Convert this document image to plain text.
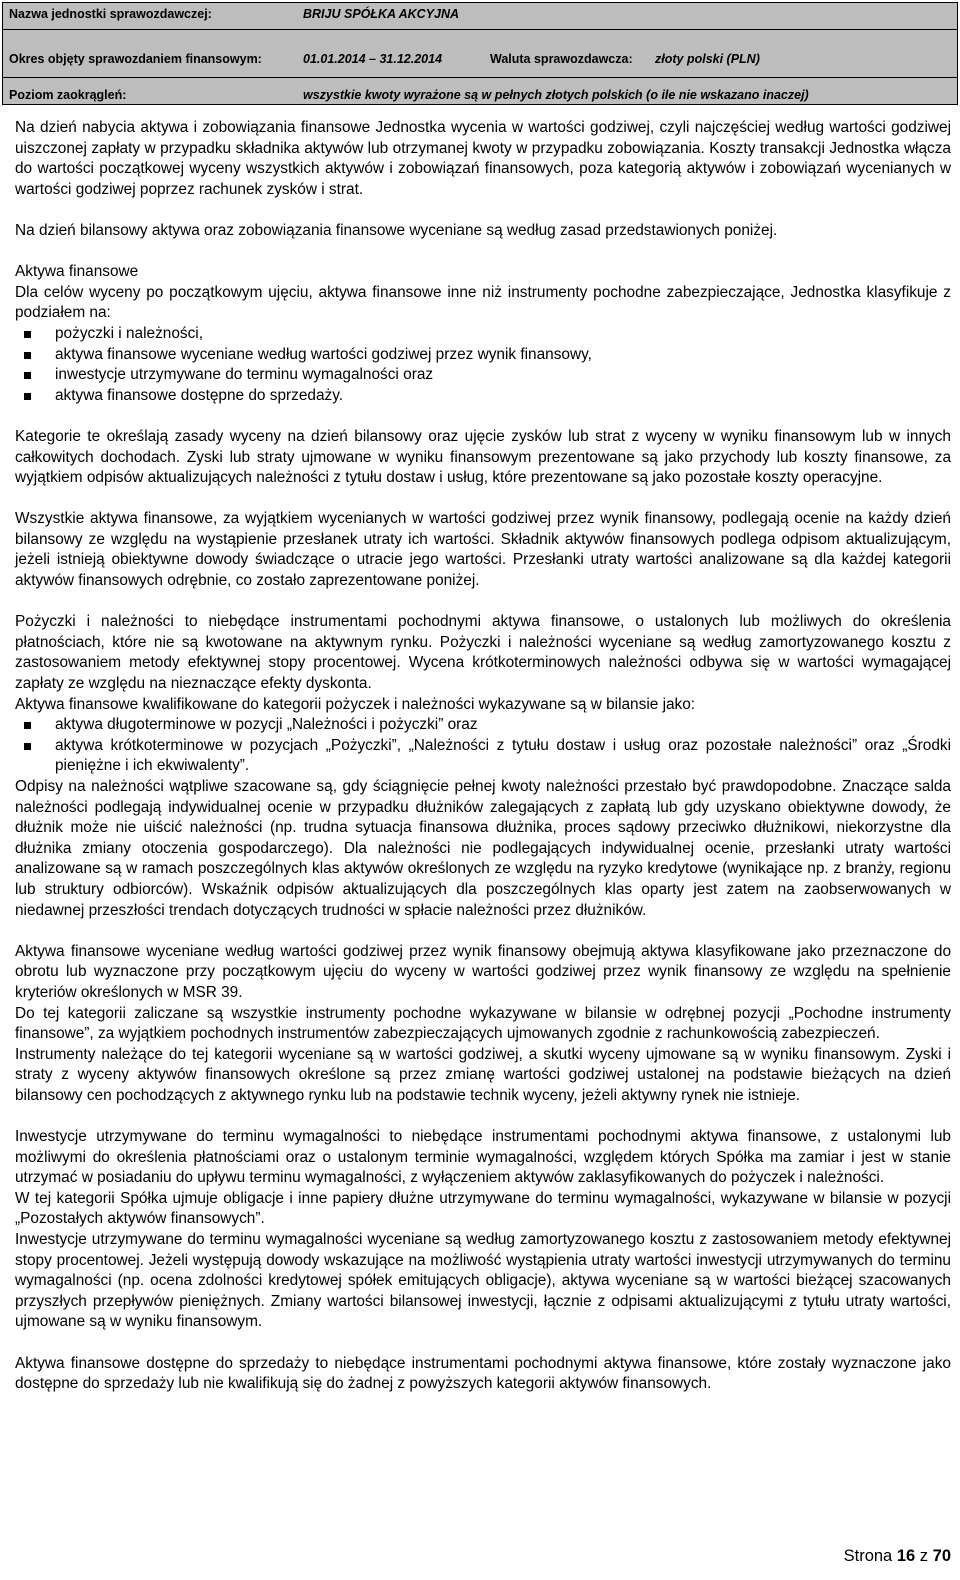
Nazwa jednostki sprawozdawczej:	BRIJU SPÓŁKA AKCYJNA
Okres objęty sprawozdaniem finansowym:	01.01.2014 – 31.12.2014	Waluta sprawozdawcza:	złoty polski (PLN)
Poziom zaokrągleń:	wszystkie kwoty wyrażone są w pełnych złotych polskich (o ile nie wskazano inaczej)

Na dzień nabycia aktywa i zobowiązania finansowe Jednostka wycenia w wartości godziwej, czyli najczęściej według wartości godziwej uiszczonej zapłaty w przypadku składnika aktywów lub otrzymanej kwoty w przypadku zobowiązania. Koszty transakcji Jednostka włącza do wartości początkowej wyceny wszystkich aktywów i zobowiązań finansowych, poza kategorią aktywów i zobowiązań wycenianych w wartości godziwej poprzez rachunek zysków i strat.

Na dzień bilansowy aktywa oraz zobowiązania finansowe wyceniane są według zasad przedstawionych poniżej.

Aktywa finansowe

Dla celów wyceny po początkowym ujęciu, aktywa finansowe inne niż instrumenty pochodne zabezpieczające, Jednostka klasyfikuje z podziałem na:

pożyczki i należności,
aktywa finansowe wyceniane według wartości godziwej przez wynik finansowy,
inwestycje utrzymywane do terminu wymagalności oraz
aktywa finansowe dostępne do sprzedaży.

Kategorie te określają zasady wyceny na dzień bilansowy oraz ujęcie zysków lub strat z wyceny w wyniku finansowym lub w innych całkowitych dochodach. Zyski lub straty ujmowane w wyniku finansowym prezentowane są jako przychody lub koszty finansowe, za wyjątkiem odpisów aktualizujących należności z tytułu dostaw i usług, które prezentowane są jako pozostałe koszty operacyjne.

Wszystkie aktywa finansowe, za wyjątkiem wycenianych w wartości godziwej przez wynik finansowy, podlegają ocenie na każdy dzień bilansowy ze względu na wystąpienie przesłanek utraty ich wartości. Składnik aktywów finansowych podlega odpisom aktualizującym, jeżeli istnieją obiektywne dowody świadczące o utracie jego wartości. Przesłanki utraty wartości analizowane są dla każdej kategorii aktywów finansowych odrębnie, co zostało zaprezentowane poniżej.

Pożyczki i należności to niebędące instrumentami pochodnymi aktywa finansowe, o ustalonych lub możliwych do określenia płatnościach, które nie są kwotowane na aktywnym rynku. Pożyczki i należności wyceniane są według zamortyzowanego kosztu z zastosowaniem metody efektywnej stopy procentowej. Wycena krótkoterminowych należności odbywa się w wartości wymagającej zapłaty ze względu na nieznaczące efekty dyskonta.

Aktywa finansowe kwalifikowane do kategorii pożyczek i należności wykazywane są w bilansie jako:

aktywa długoterminowe w pozycji „Należności i pożyczki” oraz
aktywa krótkoterminowe w pozycjach „Pożyczki”, „Należności z tytułu dostaw i usług oraz pozostałe należności” oraz „Środki pieniężne i ich ekwiwalenty”.

Odpisy na należności wątpliwe szacowane są, gdy ściągnięcie pełnej kwoty należności przestało być prawdopodobne. Znaczące salda należności podlegają indywidualnej ocenie w przypadku dłużników zalegających z zapłatą lub gdy uzyskano obiektywne dowody, że dłużnik może nie uiścić należności (np. trudna sytuacja finansowa dłużnika, proces sądowy przeciwko dłużnikowi, niekorzystne dla dłużnika zmiany otoczenia gospodarczego). Dla należności nie podlegających indywidualnej ocenie, przesłanki utraty wartości analizowane są w ramach poszczególnych klas aktywów określonych ze względu na ryzyko kredytowe (wynikające np. z branży, regionu lub struktury odbiorców). Wskaźnik odpisów aktualizujących dla poszczególnych klas oparty jest zatem na zaobserwowanych w niedawnej przeszłości trendach dotyczących trudności w spłacie należności przez dłużników.

Aktywa finansowe wyceniane według wartości godziwej przez wynik finansowy obejmują aktywa klasyfikowane jako przeznaczone do obrotu lub wyznaczone przy początkowym ujęciu do wyceny w wartości godziwej przez wynik finansowy ze względu na spełnienie kryteriów określonych w MSR 39.

Do tej kategorii zaliczane są wszystkie instrumenty pochodne wykazywane w bilansie w odrębnej pozycji „Pochodne instrumenty finansowe”, za wyjątkiem pochodnych instrumentów zabezpieczających ujmowanych zgodnie z rachunkowością zabezpieczeń.

Instrumenty należące do tej kategorii wyceniane są w wartości godziwej, a skutki wyceny ujmowane są w wyniku finansowym. Zyski i straty z wyceny aktywów finansowych określone są przez zmianę wartości godziwej ustalonej na podstawie bieżących na dzień bilansowy cen pochodzących z aktywnego rynku lub na podstawie technik wyceny, jeżeli aktywny rynek nie istnieje.

Inwestycje utrzymywane do terminu wymagalności to niebędące instrumentami pochodnymi aktywa finansowe, z ustalonymi lub możliwymi do określenia płatnościami oraz o ustalonym terminie wymagalności, względem których Spółka ma zamiar i jest w stanie utrzymać w posiadaniu do upływu terminu wymagalności, z wyłączeniem aktywów zaklasyfikowanych do pożyczek i należności.

W tej kategorii Spółka ujmuje obligacje i inne papiery dłużne utrzymywane do terminu wymagalności, wykazywane w bilansie w pozycji „Pozostałych aktywów finansowych”.

Inwestycje utrzymywane do terminu wymagalności wyceniane są według zamortyzowanego kosztu z zastosowaniem metody efektywnej stopy procentowej. Jeżeli występują dowody wskazujące na możliwość wystąpienia utraty wartości inwestycji utrzymywanych do terminu wymagalności (np. ocena zdolności kredytowej spółek emitujących obligacje), aktywa wyceniane są w wartości bieżącej szacowanych przyszłych przepływów pieniężnych. Zmiany wartości bilansowej inwestycji, łącznie z odpisami aktualizującymi z tytułu utraty wartości, ujmowane są w wyniku finansowym.

Aktywa finansowe dostępne do sprzedaży to niebędące instrumentami pochodnymi aktywa finansowe, które zostały wyznaczone jako dostępne do sprzedaży lub nie kwalifikują się do żadnej z powyższych kategorii aktywów finansowych.

Strona 16 z 70
